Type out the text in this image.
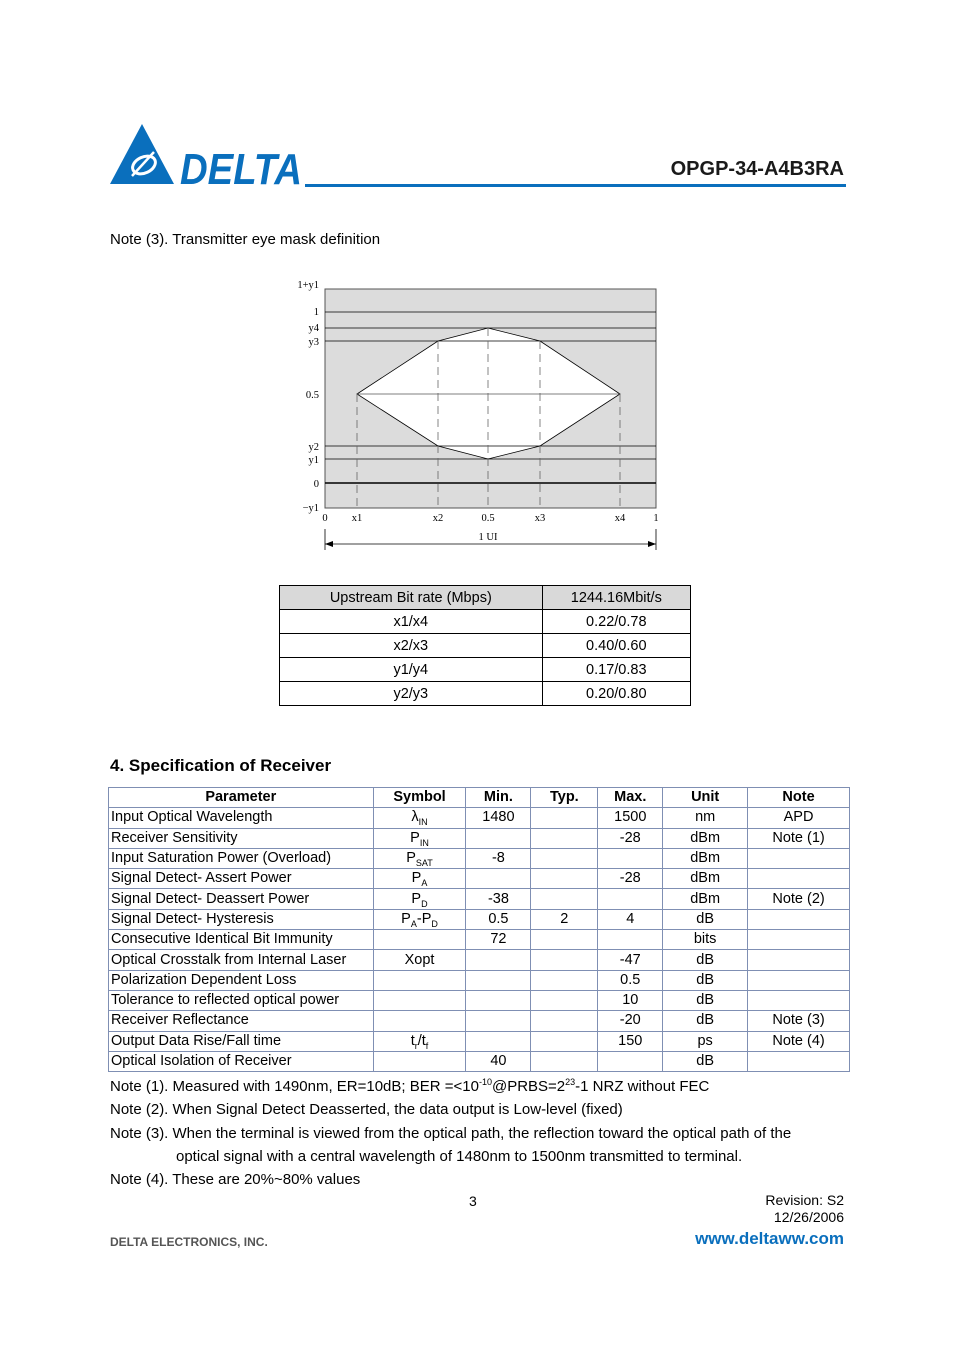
DELTA	OPGP-34-A4B3RA
Note (3). Transmitter eye mask definition
1+y1
1
y4
y3
0.5
y2
y1
0
−y1
0 x1	x2	0.5	x3	x4	1
1 UI
Upstream Bit rate (Mbps)	1244.16Mbit/s
x1/x4	0.22/0.78
x2/x3	0.40/0.60
y1/y4	0.17/0.83
y2/y3	0.20/0.80
4. Specification of Receiver
Parameter	Symbol	Min.	Typ.	Max.	Unit	Note
Input Optical Wavelength	$\lambda_{IN}$	1480		1500	nm	APD
Receiver Sensitivity	$P_{IN}$			-28	dBm	Note (1)
Input Saturation Power (Overload)	$P_{SAT}$	-8			dBm	
Signal Detect- Assert Power	$P_A$			-28	dBm	
Signal Detect- Deassert Power	$P_D$	-38			dBm	Note (2)
Signal Detect- Hysteresis	$P_A-P_D$	0.5	2	4	dB	
Consecutive Identical Bit Immunity		72			bits	
Optical Crosstalk from Internal Laser	Xopt			-47	dB	
Polarization Dependent Loss				0.5	dB	
Tolerance to reflected optical power				10	dB	
Receiver Reflectance				-20	dB	Note (3)
Output Data Rise/Fall time	$t_r/t_f$			150	ps	Note (4)
Optical Isolation of Receiver		40			dB	
Note (1). Measured with 1490nm, ER=10dB; BER $=<10^{-10}@PRBS=2^{23}-1$ NRZ without FEC
Note (2). When Signal Detect Deasserted, the data output is Low-level (fixed)
Note (3). When the terminal is viewed from the optical path, the reflection toward the optical path of the
optical signal with a central wavelength of 1480nm to 1500nm transmitted to terminal.
Note (4). These are 20%~80% values
3	Revision: S2
12/26/2006
DELTA ELECTRONICS, INC.	www.deltaww.com
